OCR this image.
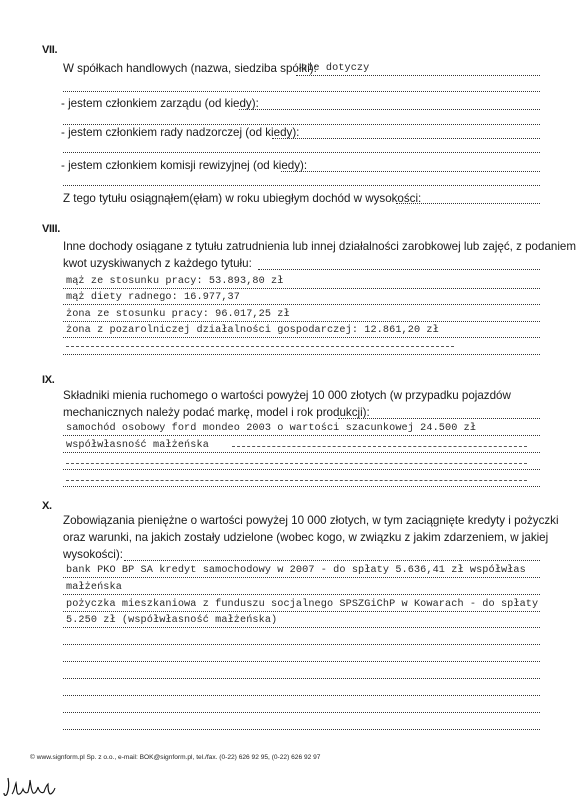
VII.
W spółkach handlowych (nazwa, siedziba spółki):
nie dotyczy
- jestem członkiem zarządu (od kiedy):
- jestem członkiem rady nadzorczej (od kiedy):
- jestem członkiem komisji rewizyjnej (od kiedy):
Z tego tytułu osiągnąłem(ęłam) w roku ubiegłym dochód w wysokości:
VIII.
Inne dochody osiągane z tytułu zatrudnienia lub innej działalności zarobkowej lub zajęć, z podaniem
kwot uzyskiwanych z każdego tytułu:
mąż ze stosunku pracy: 53.893,80 zł
mąż diety radnego: 16.977,37
żona ze stosunku pracy: 96.017,25 zł
żona z pozarolniczej działalności gospodarczej: 12.861,20 zł
IX.
Składniki mienia ruchomego o wartości powyżej 10 000 złotych (w przypadku pojazdów
mechanicznych należy podać markę, model i rok produkcji):
samochód osobowy ford mondeo 2003 o wartości szacunkowej 24.500 zł
współwłasność małżeńska
X.
Zobowiązania pieniężne o wartości powyżej 10 000 złotych, w tym zaciągnięte kredyty i pożyczki
oraz warunki, na jakich zostały udzielone (wobec kogo, w związku z jakim zdarzeniem, w jakiej
wysokości):
bank PKO BP SA kredyt samochodowy w 2007 - do spłaty 5.636,41 zł współwłas
małżeńska
pożyczka mieszkaniowa z funduszu socjalnego SPSZGiChP w Kowarach - do spłaty
5.250 zł (współwłasność małżeńska)
© www.signform.pl Sp. z o.o., e-mail: BOK@signform.pl, tel./fax. (0-22) 626 92 95, (0-22) 626 92 97
